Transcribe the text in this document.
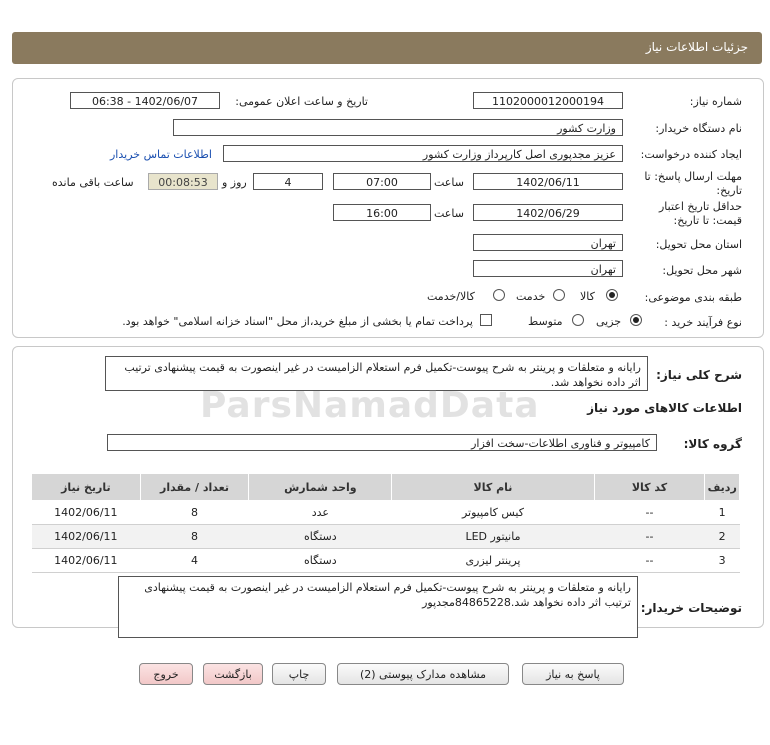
جزئیات اطلاعات نیاز
شماره نیاز:
1102000012000194
تاریخ و ساعت اعلان عمومی:
1402/06/07 - 06:38
نام دستگاه خریدار:
وزارت کشور
ایجاد کننده درخواست:
عزیز مجدپوری اصل کارپرداز وزارت کشور
اطلاعات تماس خریدار
مهلت ارسال پاسخ: تا
تاریخ:
1402/06/11
ساعت
07:00
4
روز و
00:08:53
ساعت باقی مانده
حداقل تاریخ اعتبار
قیمت: تا تاریخ:
1402/06/29
ساعت
16:00
استان محل تحویل:
تهران
شهر محل تحویل:
تهران
طبقه بندی موضوعی:
کالا
خدمت
کالا/خدمت
نوع فرآیند خرید :
جزیی
متوسط
پرداخت تمام یا بخشی از مبلغ خرید،از محل "اسناد خزانه اسلامی" خواهد بود.
شرح کلی نیاز:
رایانه و متعلقات و پرینتر به شرح پیوست-تکمیل فرم استعلام الزامیست در غیر اینصورت به قیمت پیشنهادی ترتیب اثر داده نخواهد شد.
اطلاعات کالاهای مورد نیاز
ParsNamadData
گروه کالا:
کامپیوتر و فناوری اطلاعات-سخت افزار
ردیف	کد کالا	نام کالا	واحد شمارش	تعداد / مقدار	تاریخ نیاز
1	--	کیس کامپیوتر	عدد	8	1402/06/11
2	--	مانیتور LED	دستگاه	8	1402/06/11
3	--	پرینتر لیزری	دستگاه	4	1402/06/11
توضیحات خریدار:
رایانه و متعلقات و پرینتر به شرح پیوست-تکمیل فرم استعلام الزامیست در غیر اینصورت به قیمت پیشنهادی ترتیب اثر داده نخواهد شد.84865228مجدپور
پاسخ به نیاز
مشاهده مدارک پیوستی (2)
چاپ
بازگشت
خروج
